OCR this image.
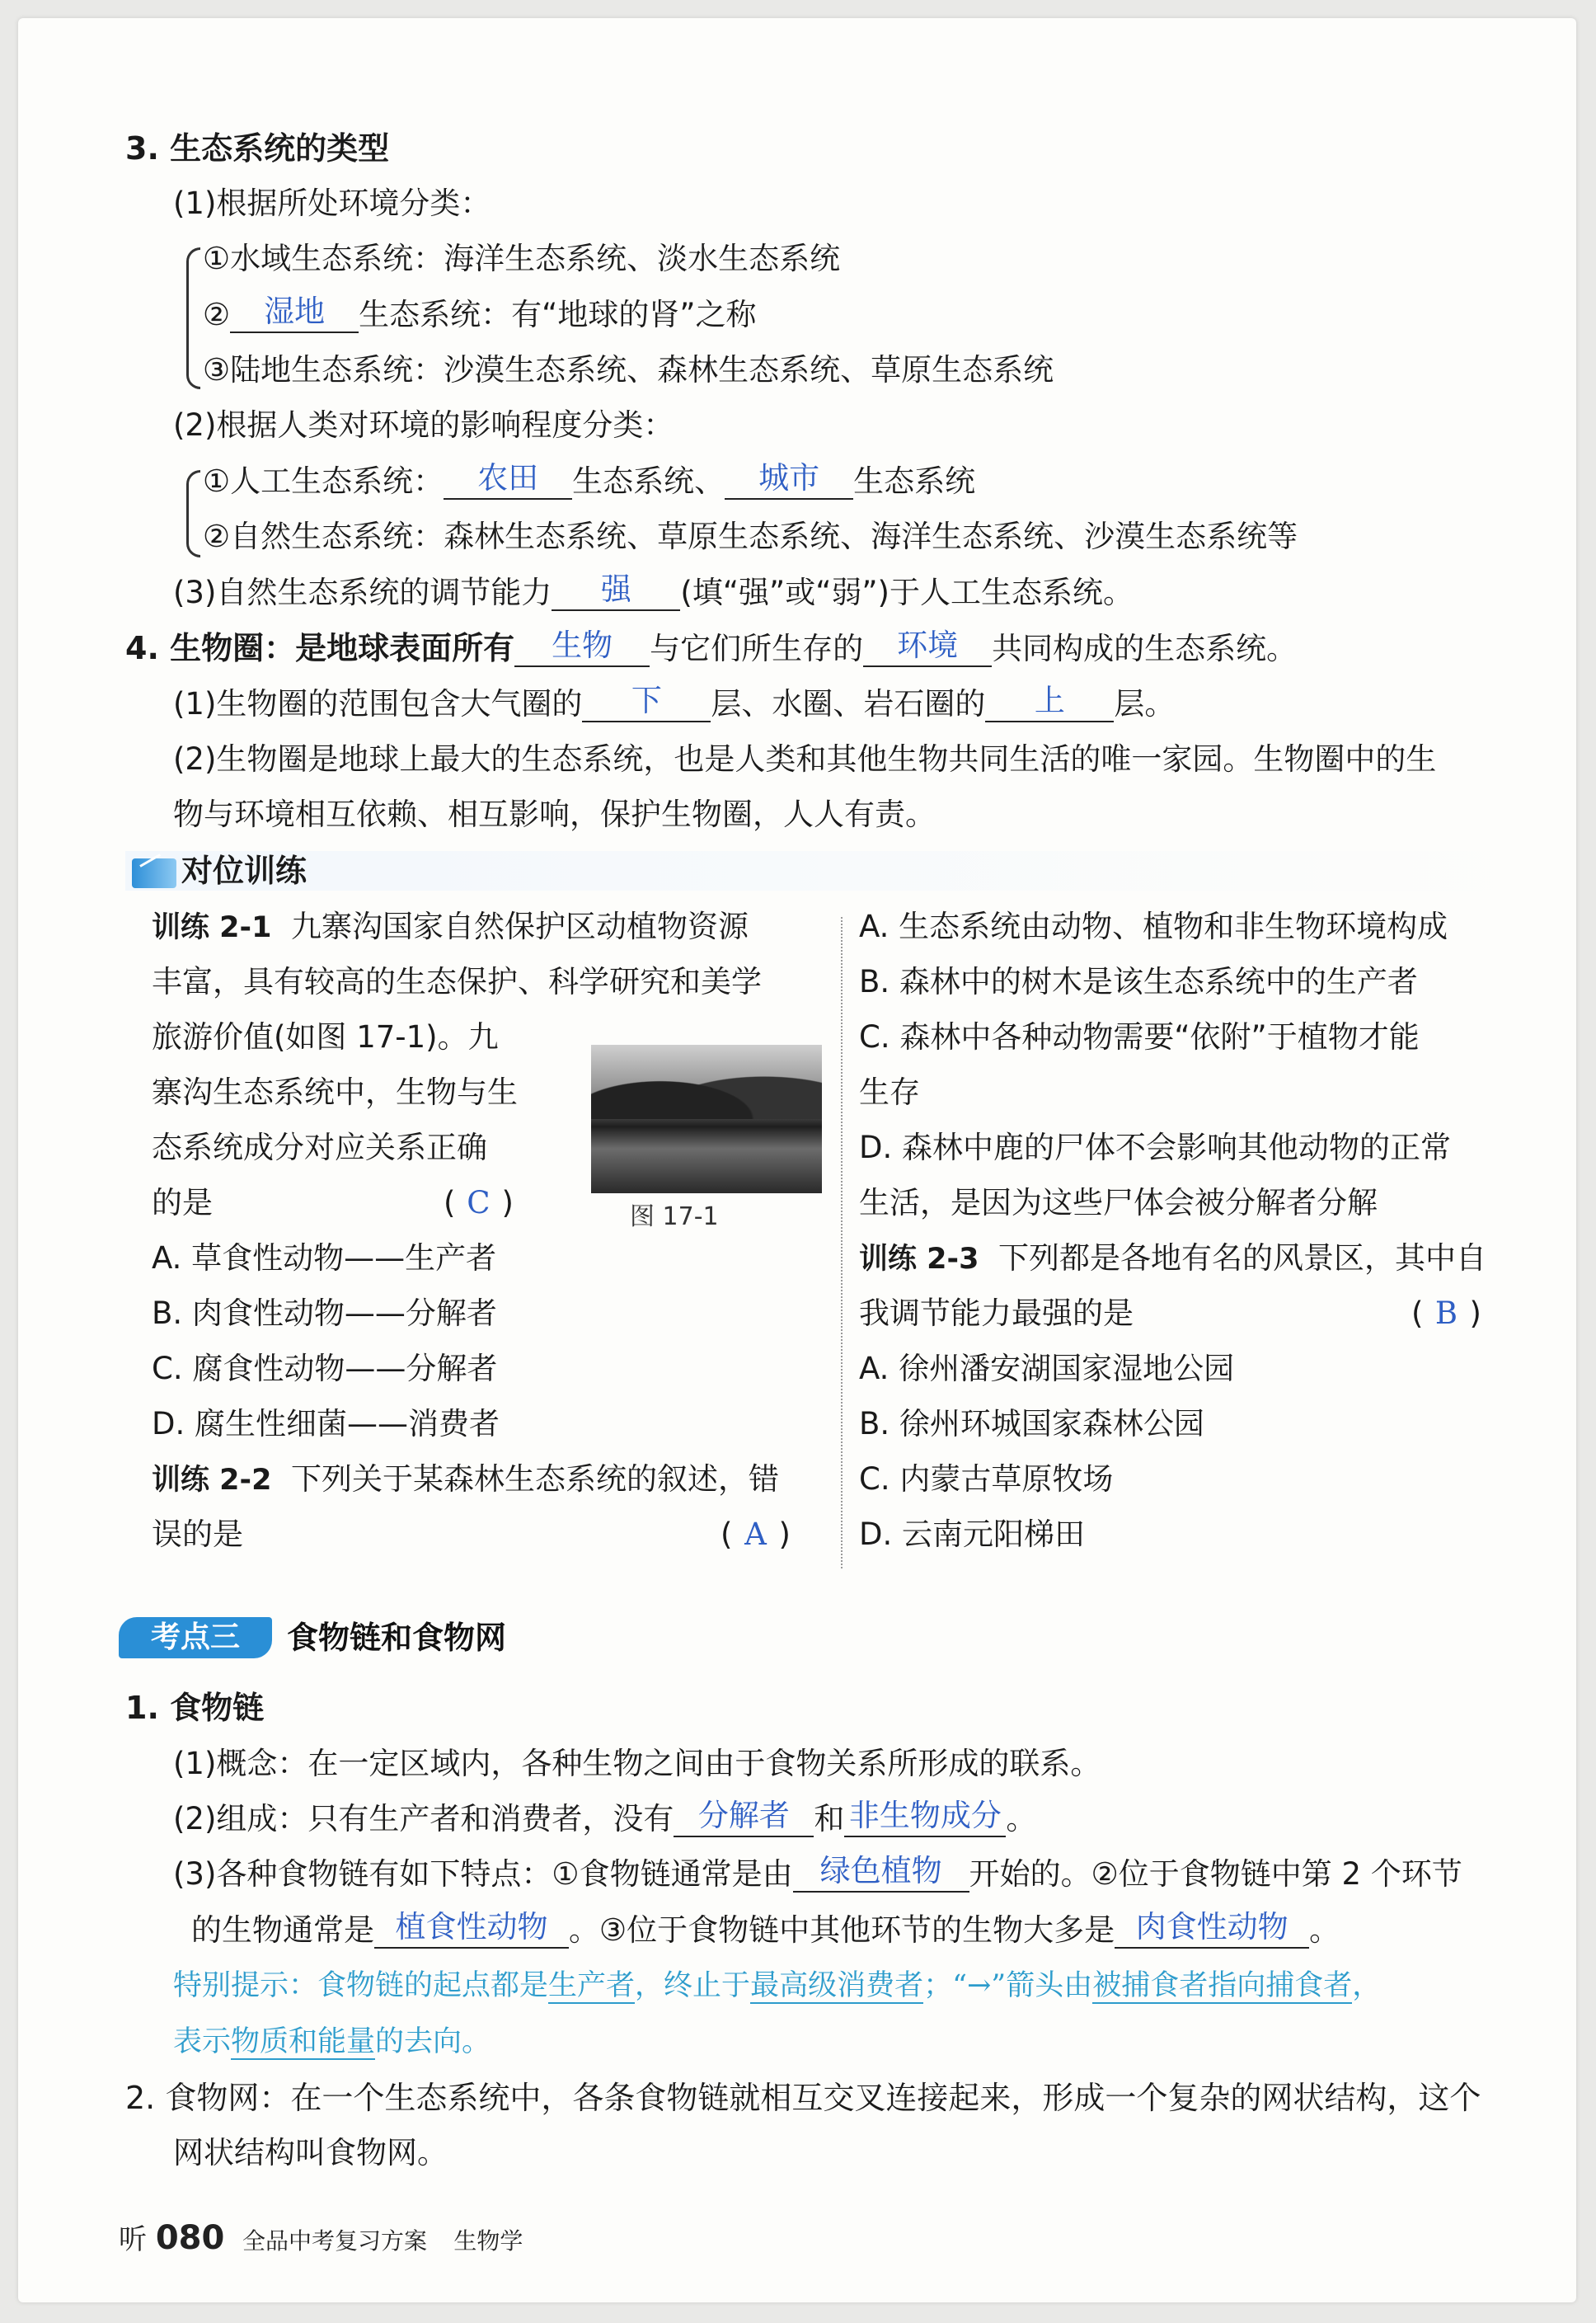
3. 生态系统的类型
(1)根据所处环境分类：
①水域生态系统：海洋生态系统、淡水生态系统
② 湿地 生态系统：有“地球的肾”之称
③陆地生态系统：沙漠生态系统、森林生态系统、草原生态系统
(2)根据人类对环境的影响程度分类：
①人工生态系统： 农田 生态系统、 城市 生态系统
②自然生态系统：森林生态系统、草原生态系统、海洋生态系统、沙漠生态系统等
(3)自然生态系统的调节能力 强 (填“强”或“弱”)于人工生态系统。
4. 生物圈：是地球表面所有 生物 与它们所生存的 环境 共同构成的生态系统。
(1)生物圈的范围包含大气圈的 下 层、水圈、岩石圈的 上 层。
(2)生物圈是地球上最大的生态系统，也是人类和其他生物共同生活的唯一家园。生物圈中的生
物与环境相互依赖、相互影响，保护生物圈，人人有责。
对位训练
训练 2-1 九寨沟国家自然保护区动植物资源
丰富，具有较高的生态保护、科学研究和美学
旅游价值(如图 17-1)。九
寨沟生态系统中，生物与生
态系统成分对应关系正确
的是	( C )	图 17-1
A. 草食性动物——生产者
B. 肉食性动物——分解者
C. 腐食性动物——分解者
D. 腐生性细菌——消费者
训练 2-2 下列关于某森林生态系统的叙述，错
误的是	( A )
A. 生态系统由动物、植物和非生物环境构成
B. 森林中的树木是该生态系统中的生产者
C. 森林中各种动物需要“依附”于植物才能
生存
D. 森林中鹿的尸体不会影响其他动物的正常
生活，是因为这些尸体会被分解者分解
训练 2-3 下列都是各地有名的风景区，其中自
我调节能力最强的是	( B )
A. 徐州潘安湖国家湿地公园
B. 徐州环城国家森林公园
C. 内蒙古草原牧场
D. 云南元阳梯田
考点三	食物链和食物网
1. 食物链
(1)概念：在一定区域内，各种生物之间由于食物关系所形成的联系。
(2)组成：只有生产者和消费者，没有 分解者 和 非生物成分 。
(3)各种食物链有如下特点：①食物链通常是由 绿色植物 开始的。②位于食物链中第 2 个环节
的生物通常是 植食性动物 。③位于食物链中其他环节的生物大多是 肉食性动物 。
特别提示：食物链的起点都是生产者，终止于最高级消费者；“→”箭头由被捕食者指向捕食者，
表示物质和能量的去向。
2. 食物网：在一个生态系统中，各条食物链就相互交叉连接起来，形成一个复杂的网状结构，这个
网状结构叫食物网。
听 080 全品中考复习方案 生物学
